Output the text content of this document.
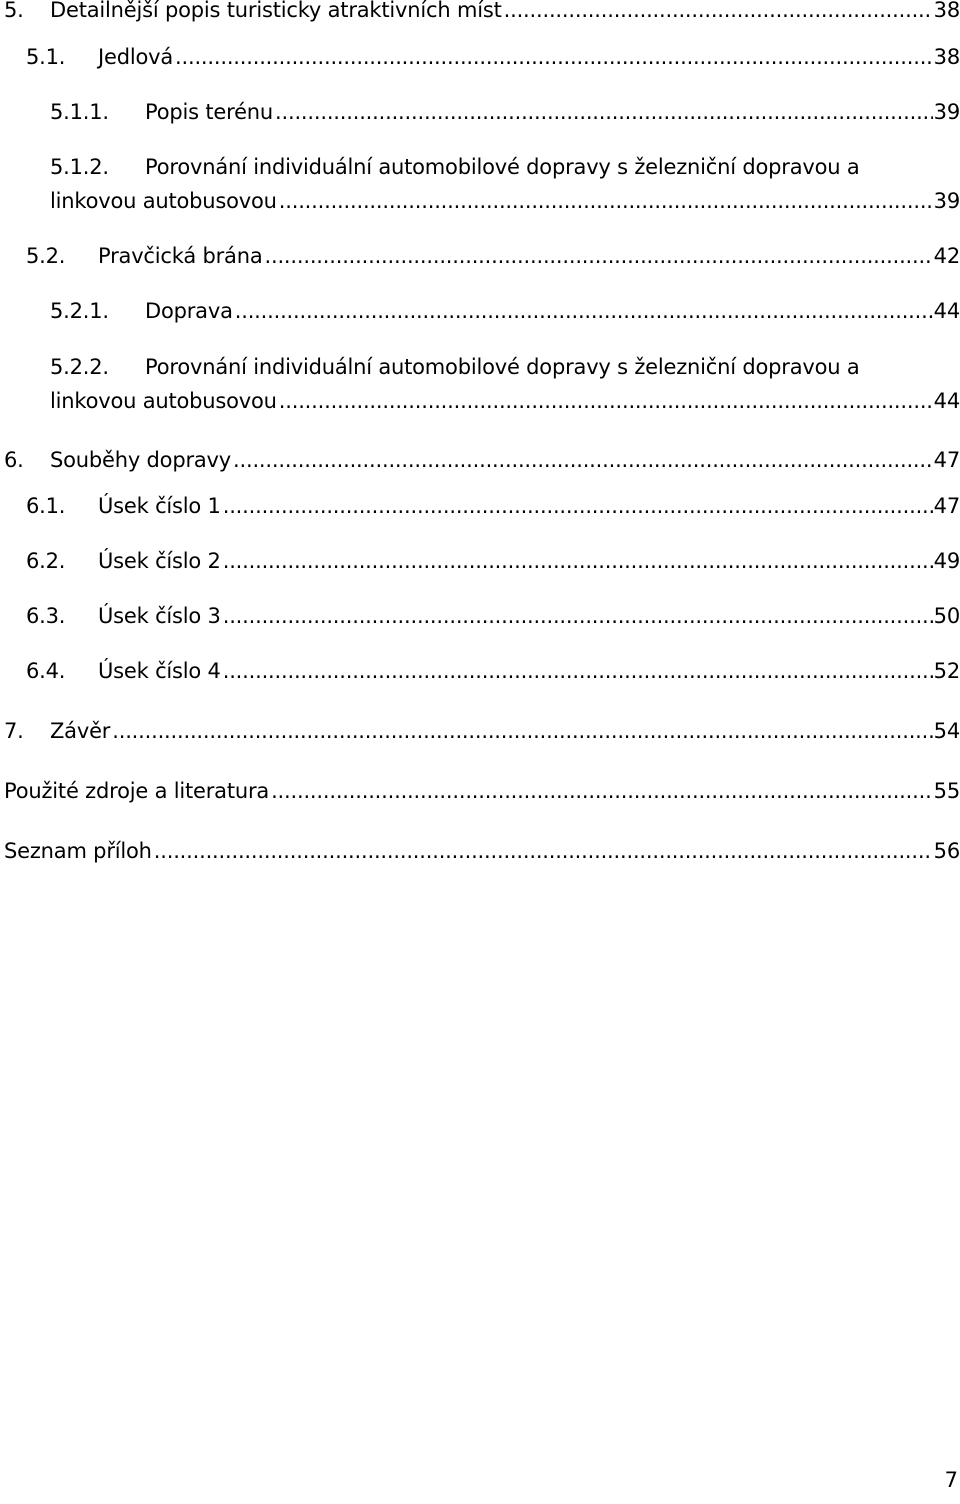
5. Detailnější popis turisticky atraktivních míst .....	38
5.1. Jedlová .....	38
5.1.1. Popis terénu .....	39
5.1.2. Porovnání individuální automobilové dopravy s železniční dopravou a
linkovou autobusovou .....	39
5.2. Pravčická brána .....	42
5.2.1. Doprava .....	44
5.2.2. Porovnání individuální automobilové dopravy s železniční dopravou a
linkovou autobusovou .....	44
6. Souběhy dopravy .....	47
6.1. Úsek číslo 1 .....	47
6.2. Úsek číslo 2 .....	49
6.3. Úsek číslo 3 .....	50
6.4. Úsek číslo 4 .....	52
7. Závěr .....	54
Použité zdroje a literatura .....	55
Seznam příloh .....	56
7
